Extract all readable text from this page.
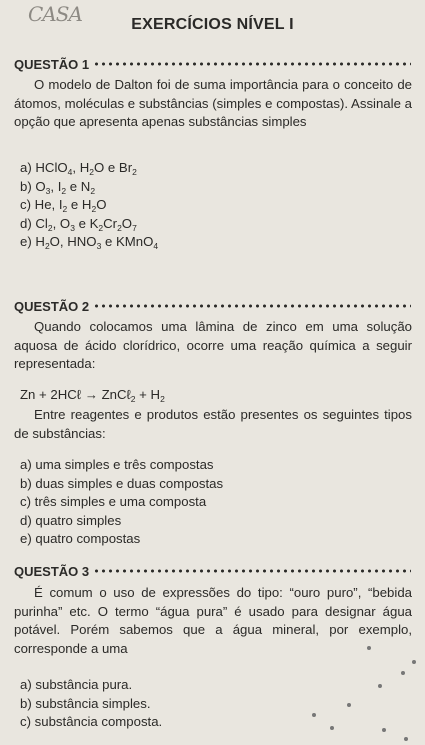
CASA	EXERCÍCIOS NÍVEL I
QUESTÃO 1
O modelo de Dalton foi de suma importância para o conceito de átomos, moléculas e substâncias (simples e compostas). Assinale a opção que apresenta apenas substâncias simples
a) HClO$_4$, $H_2O$ e $Br_2$
b) $O_3$, $I_2$ e $N_2$
c) He, $I_2$ e $H_2O$
d) $Cl_2$, $O_3$ e $K_2Cr_2O_7$
e) $H_2O$, $HNO_3$ e KMnO$_4$
QUESTÃO 2
Quando colocamos uma lâmina de zinco em uma solução aquosa de ácido clorídrico, ocorre uma reação química a seguir representada:
Zn + 2HCℓ → ZnCℓ$_2$ + $H_2$
Entre reagentes e produtos estão presentes os seguintes tipos de substâncias:
a) uma simples e três compostas
b) duas simples e duas compostas
c) três simples e uma composta
d) quatro simples
e) quatro compostas
QUESTÃO 3
É comum o uso de expressões do tipo: “ouro puro”, “bebida purinha” etc. O termo “água pura” é usado para designar água potável. Porém sabemos que a água mineral, por exemplo, corresponde a uma
a) substância pura.
b) substância simples.
c) substância composta.
